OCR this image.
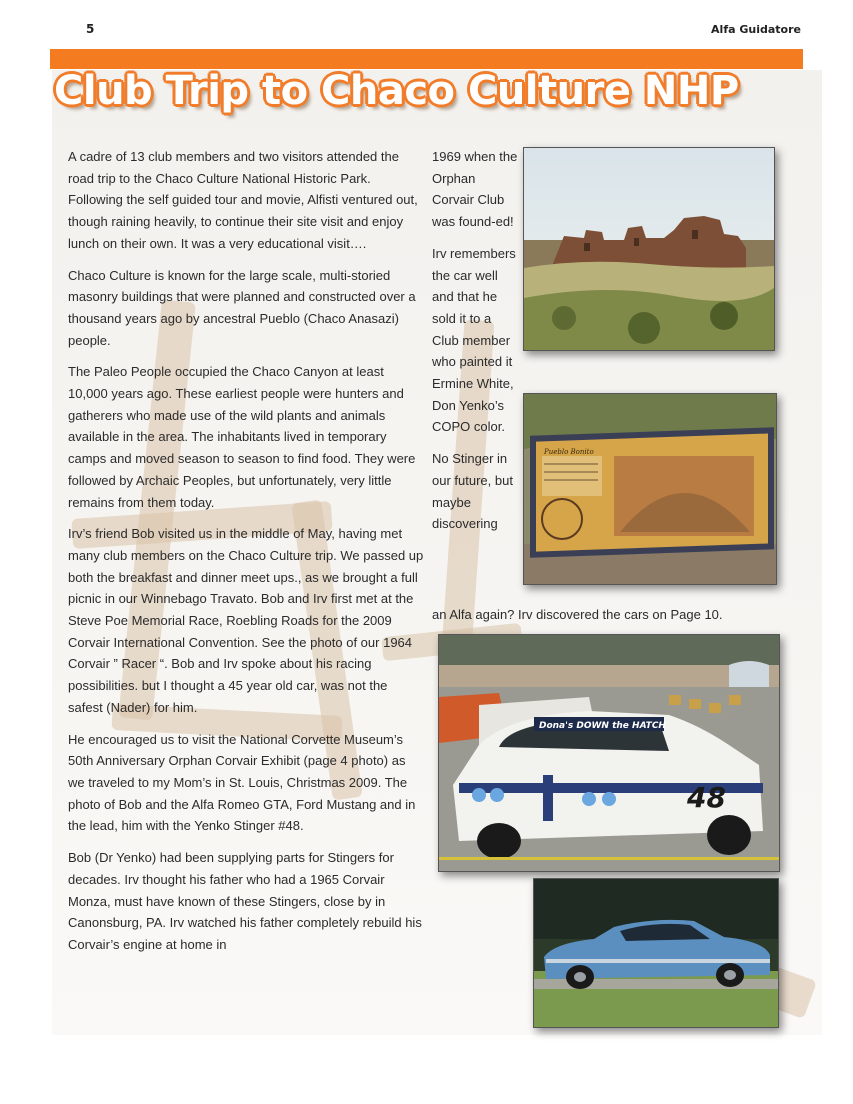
5	Alfa Guidatore
Club Trip to Chaco Culture NHP

A cadre of 13 club members and two visitors attended the road trip to the Chaco Culture National Historic Park. Following the self guided tour and movie, Alfisti ventured out, though raining heavily, to continue their site visit and enjoy lunch on their own. It was a very educational visit….

Chaco Culture is known for the large scale, multi-storied masonry buildings that were planned and constructed over a thousand years ago by ancestral Pueblo (Chaco Anasazi) people.

The Paleo People occupied the Chaco Canyon at least 10,000 years ago. These earliest people were hunters and gatherers who made use of the wild plants and animals available in the area. The inhabitants lived in temporary camps and moved season to season to find food. They were followed by Archaic Peoples, but unfortunately, very little remains from them today.

Irv’s friend Bob visited us in the middle of May, having met many club members on the Chaco Culture trip. We passed up both the breakfast and dinner meet ups., as we brought a full picnic in our Winnebago Travato. Bob and Irv first met at the Steve Poe Memorial Race, Roebling Roads for the 2009 Corvair International Convention. See the photo of our 1964 Corvair ” Racer “. Bob and Irv spoke about his racing possibilities. but I thought a 45 year old car, was not the safest (Nader) for him.

He encouraged us to visit the National Corvette Museum’s 50th Anniversary Orphan Corvair Exhibit (page 4 photo) as we traveled to my Mom’s in St. Louis, Christmas 2009. The photo of Bob and the Alfa Romeo GTA, Ford Mustang and in the lead, him with the Yenko Stinger #48.

Bob (Dr Yenko) had been supplying parts for Stingers for decades. Irv thought his father who had a 1965 Corvair Monza, must have known of these Stingers, close by in Canonsburg, PA. Irv watched his father completely rebuild his Corvair’s engine at home in

1969 when the Orphan Corvair Club was found-ed!

Irv remembers the car well and that he sold it to a Club member who painted it Ermine White, Don Yenko’s COPO color.

No Stinger in our future, but maybe discovering

an Alfa again? Irv discovered the cars on Page 10.
Pueblo Bonito
Dona's DOWN the HATCH
48
